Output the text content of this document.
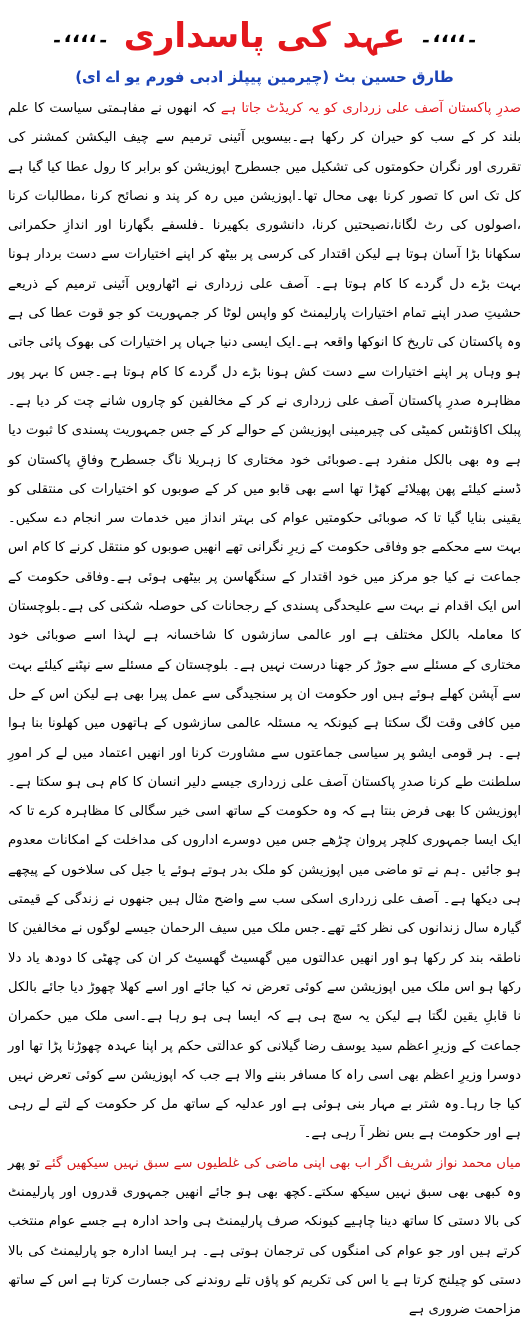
۔،،،،۔
عہد کی پاسداری
۔،،،،۔
طارق حسین بٹ (چیرمین پیپلز ادبی فورم یو اے ای)

صدرِ پاکستان آصف علی زرداری کو یہ کریڈٹ جاتا ہے کہ انھوں نے مفاہمتی سیاست کا علم بلند کر کے سب کو حیران کر رکھا ہے۔بیسویں آئینی ترمیم سے چیف الیکشن کمشنر کی تقرری اور نگران حکومتوں کی تشکیل میں جسطرح اپوزیشن کو برابر کا رول عطا کیا گیا ہے کل تک اس کا تصور کرنا بھی محال تھا۔اپوزیشن میں رہ کر پند و نصائح کرنا ،مطالبات کرنا ،اصولوں کی رٹ لگانا،نصیحتیں کرنا، دانشوری بکھیرنا ۔فلسفے بگھارنا اور اندازِ حکمرانی سکھانا بڑا آسان ہوتا ہے لیکن اقتدار کی کرسی پر بیٹھ کر اپنے اختیارات سے دست بردار ہونا بہت بڑے دل گردے کا کام ہوتا ہے۔ آصف علی زرداری نے اٹھارویں آئینی ترمیم کے ذریعے حشیتِ صدر اپنے تمام اختیارات پارلیمنٹ کو واپس لوٹا کر جمہوریت کو جو قوت عطا کی ہے وہ پاکستان کی تاریخ کا انوکھا واقعہ ہے۔ایک ایسی دنیا جہاں پر اختیارات کی بھوک پائی جاتی ہو وہاں پر اپنے اختیارات سے دست کش ہونا بڑے دل گردے کا کام ہوتا ہے۔جس کا بہر پور مظاہرہ صدرِ پاکستان آصف علی زرداری نے کر کے مخالفین کو چاروں شانے چت کر دیا ہے۔ پبلک اکاؤنٹس کمیٹی کی چیرمینی اپوزیشن کے حوالے کر کے جس جمہوریت پسندی کا ثبوت دیا ہے وہ بھی بالکل منفرد ہے۔صوبائی خود مختاری کا زہریلا ناگ جسطرح وفاقِ پاکستان کو ڈسنے کیلئے پھن پھیلائے کھڑا تھا اسے بھی قابو میں کر کے صوبوں کو اختیارات کی منتقلی کو یقینی بنایا گیا تا کہ صوبائی حکومتیں عوام کی بہتر انداز میں خدمات سر انجام دے سکیں۔بہت سے محکمے جو وفاقی حکومت کے زیرِ نگرانی تھے انھیں صوبوں کو منتقل کرنے کا کام اس جماعت نے کیا جو مرکز میں خود اقتدار کے سنگھاسن پر بیٹھی ہوئی ہے۔وفاقی حکومت کے اس ایک اقدام نے بہت سے علیحدگی پسندی کے رجحانات کی حوصلہ شکنی کی ہے۔بلوچستان کا معاملہ بالکل مختلف ہے اور عالمی سازشوں کا شاخسانہ ہے لہذا اسے صوبائی خود مختاری کے مسئلے سے جوڑ کر جھنا درست نہیں ہے۔ بلوچستان کے مسئلے سے نپٹنے کیلئے بہت سے آپشن کھلے ہوئے ہیں اور حکومت ان پر سنجیدگی سے عمل پیرا بھی ہے لیکن اس کے حل میں کافی وقت لگ سکتا ہے کیونکہ یہ مسئلہ عالمی سازشوں کے ہاتھوں میں کھلونا بنا ہوا ہے۔ ہر قومی ایشو پر سیاسی جماعتوں سے مشاورت کرنا اور انھیں اعتماد میں لے کر امورِ سلطنت طے کرنا صدرِ پاکستان آصف علی زرداری جیسے دلیر انسان کا کام ہی ہو سکتا ہے۔اپوزیشن کا بھی فرض بنتا ہے کہ وہ حکومت کے ساتھ اسی خیر سگالی کا مظاہرہ کرے تا کہ ایک ایسا جمہوری کلچر پروان چڑھے جس میں دوسرے اداروں کی مداخلت کے امکانات معدوم ہو جائیں ۔ہم نے تو ماضی میں اپوزیشن کو ملک بدر ہوتے ہوئے یا جیل کی سلاخوں کے پیچھے ہی دیکھا ہے۔ آصف علی زرداری اسکی سب سے واضح مثال ہیں جنھوں نے زندگی کے قیمتی گیارہ سال زندانوں کی نظر کئے تھے۔جس ملک میں سیف الرحمان جیسے لوگوں نے مخالفین کا ناطقہ بند کر رکھا ہو اور انھیں عدالتوں میں گھسیٹ گھسیٹ کر ان کی چھٹی کا دودھ یاد دلا رکھا ہو اس ملک میں اپوزیشن سے کوئی تعرض نہ کیا جائے اور اسے کھلا چھوڑ دیا جائے بالکل نا قابلِ یقین لگتا ہے لیکن یہ سچ ہی ہے کہ ایسا ہی ہو رہا ہے۔اسی ملک میں حکمران جماعت کے وزیرِ اعظم سید یوسف رضا گیلانی کو عدالتی حکم پر اپنا عہدہ چھوڑنا پڑا تھا اور دوسرا وزیرِ اعظم بھی اسی راہ کا مسافر بننے والا ہے جب کہ اپوزیشن سے کوئی تعرض نہیں کیا جا رہا۔وہ شتر بے مہار بنی ہوئی ہے اور عدلیہ کے ساتھ مل کر حکومت کے لتے لے رہی ہے اور حکومت ہے بس نظر آ رہی ہے۔

میاں محمد نواز شریف اگر اب بھی اپنی ماضی کی غلطیوں سے سبق نہیں سیکھیں گئے تو پھر وہ کبھی بھی سبق نہیں سیکھ سکتے۔کچھ بھی ہو جائے انھیں جمہوری قدروں اور پارلیمنٹ کی بالا دستی کا ساتھ دینا چاہیے کیونکہ صرف پارلیمنٹ ہی واحد ادارہ ہے جسے عوام منتخب کرتے ہیں اور جو عوام کی امنگوں کی ترجمان ہوتی ہے۔ ہر ایسا ادارہ جو پارلیمنٹ کی بالا دستی کو چیلنج کرتا ہے یا اس کی تکریم کو پاؤں تلے روندنے کی جسارت کرتا ہے اس کے ساتھ مزاحمت ضروری ہے
